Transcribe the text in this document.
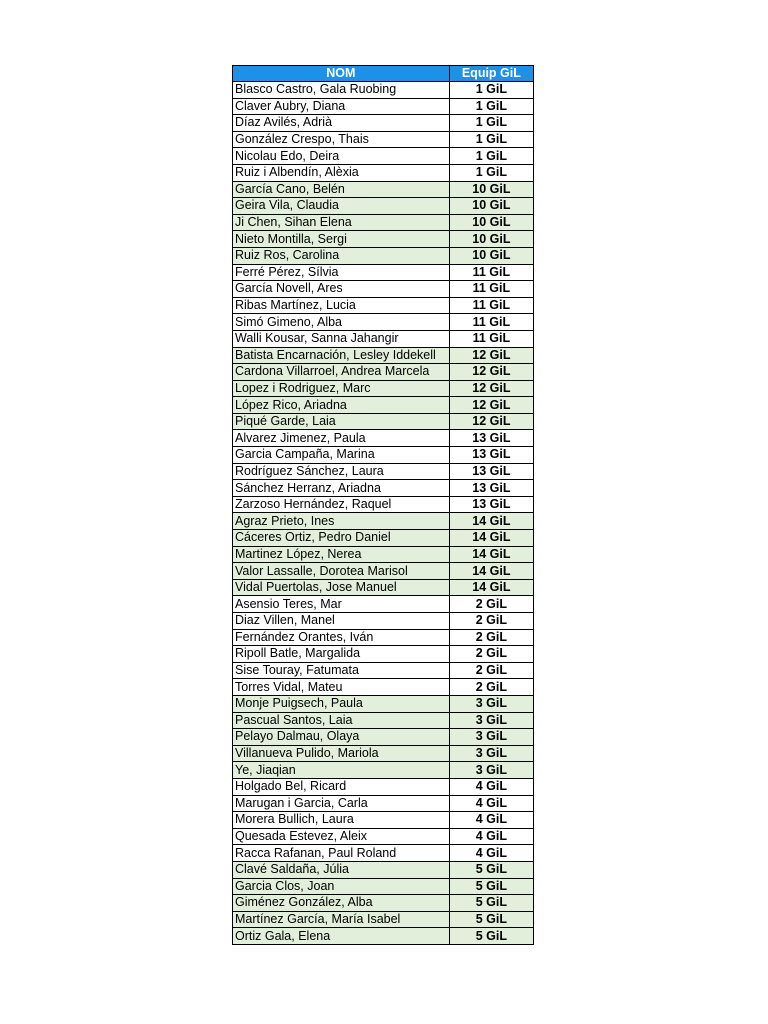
NOM	Equip GiL
Blasco Castro, Gala Ruobing	1 GiL
Claver Aubry, Diana	1 GiL
Díaz Avilés, Adrià	1 GiL
González Crespo, Thais	1 GiL
Nicolau Edo, Deira	1 GiL
Ruiz i Albendín, Alèxia	1 GiL
García Cano, Belén	10 GiL
Geira Vila, Claudia	10 GiL
Ji Chen, Sihan Elena	10 GiL
Nieto Montilla, Sergi	10 GiL
Ruiz Ros, Carolina	10 GiL
Ferré Pérez, Sílvia	11 GiL
García Novell, Ares	11 GiL
Ribas Martínez, Lucia	11 GiL
Simó Gimeno, Alba	11 GiL
Walli Kousar, Sanna Jahangir	11 GiL
Batista Encarnación, Lesley Iddekell	12 GiL
Cardona Villarroel, Andrea Marcela	12 GiL
Lopez i Rodriguez, Marc	12 GiL
López Rico, Ariadna	12 GiL
Piqué Garde, Laia	12 GiL
Alvarez Jimenez, Paula	13 GiL
Garcia Campaña, Marina	13 GiL
Rodríguez Sánchez, Laura	13 GiL
Sánchez Herranz, Ariadna	13 GiL
Zarzoso Hernández, Raquel	13 GiL
Agraz Prieto, Ines	14 GiL
Cáceres Ortiz, Pedro Daniel	14 GiL
Martinez López, Nerea	14 GiL
Valor Lassalle, Dorotea Marisol	14 GiL
Vidal Puertolas, Jose Manuel	14 GiL
Asensio Teres, Mar	2 GiL
Diaz Villen, Manel	2 GiL
Fernández Orantes, Iván	2 GiL
Ripoll Batle, Margalida	2 GiL
Sise Touray, Fatumata	2 GiL
Torres Vidal, Mateu	2 GiL
Monje Puigsech, Paula	3 GiL
Pascual Santos, Laia	3 GiL
Pelayo Dalmau, Olaya	3 GiL
Villanueva Pulido, Mariola	3 GiL
Ye, Jiaqian	3 GiL
Holgado Bel, Ricard	4 GiL
Marugan i Garcia, Carla	4 GiL
Morera Bullich, Laura	4 GiL
Quesada Estevez, Aleix	4 GiL
Racca Rafanan, Paul Roland	4 GiL
Clavé Saldaña, Júlia	5 GiL
Garcia Clos, Joan	5 GiL
Giménez González, Alba	5 GiL
Martínez García, María Isabel	5 GiL
Ortiz Gala, Elena	5 GiL
